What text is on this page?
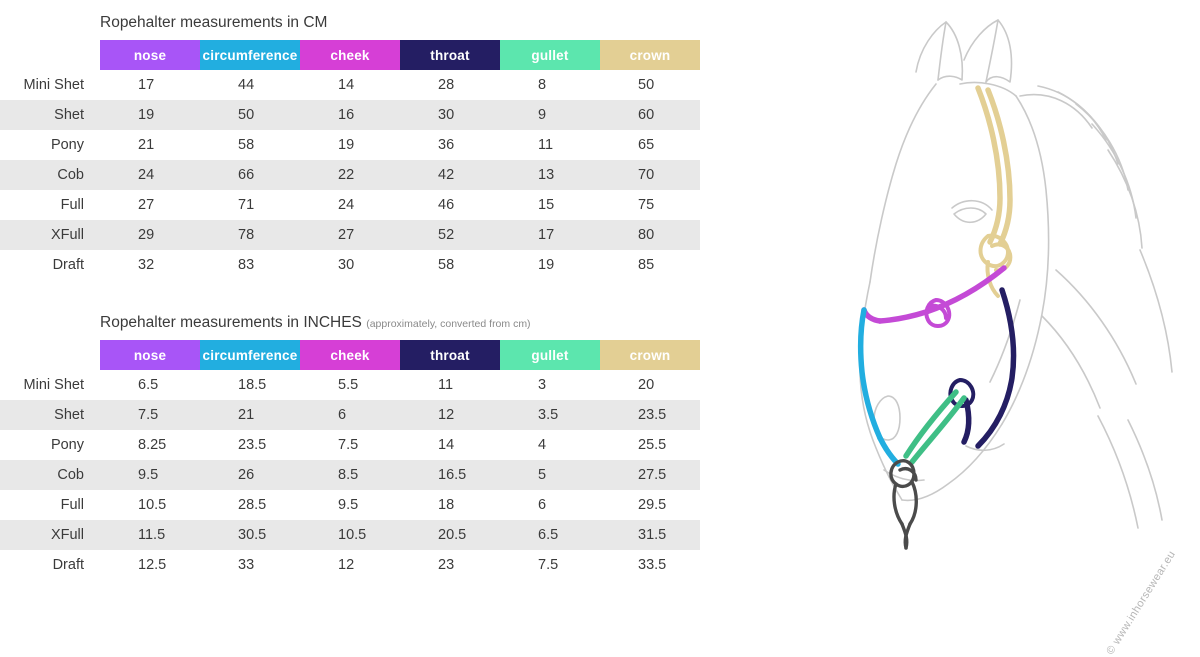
Ropehalter measurements in CM
	nose	circumference	cheek	throat	gullet	crown
Mini Shet	17	44	14	28	8	50
Shet	19	50	16	30	9	60
Pony	21	58	19	36	11	65
Cob	24	66	22	42	13	70
Full	27	71	24	46	15	75
XFull	29	78	27	52	17	80
Draft	32	83	30	58	19	85
Ropehalter measurements in INCHES (approximately, converted from cm)
	nose	circumference	cheek	throat	gullet	crown
Mini Shet	6.5	18.5	5.5	11	3	20
Shet	7.5	21	6	12	3.5	23.5
Pony	8.25	23.5	7.5	14	4	25.5
Cob	9.5	26	8.5	16.5	5	27.5
Full	10.5	28.5	9.5	18	6	29.5
XFull	11.5	30.5	10.5	20.5	6.5	31.5
Draft	12.5	33	12	23	7.5	33.5	© www.inhorsewear.eu
